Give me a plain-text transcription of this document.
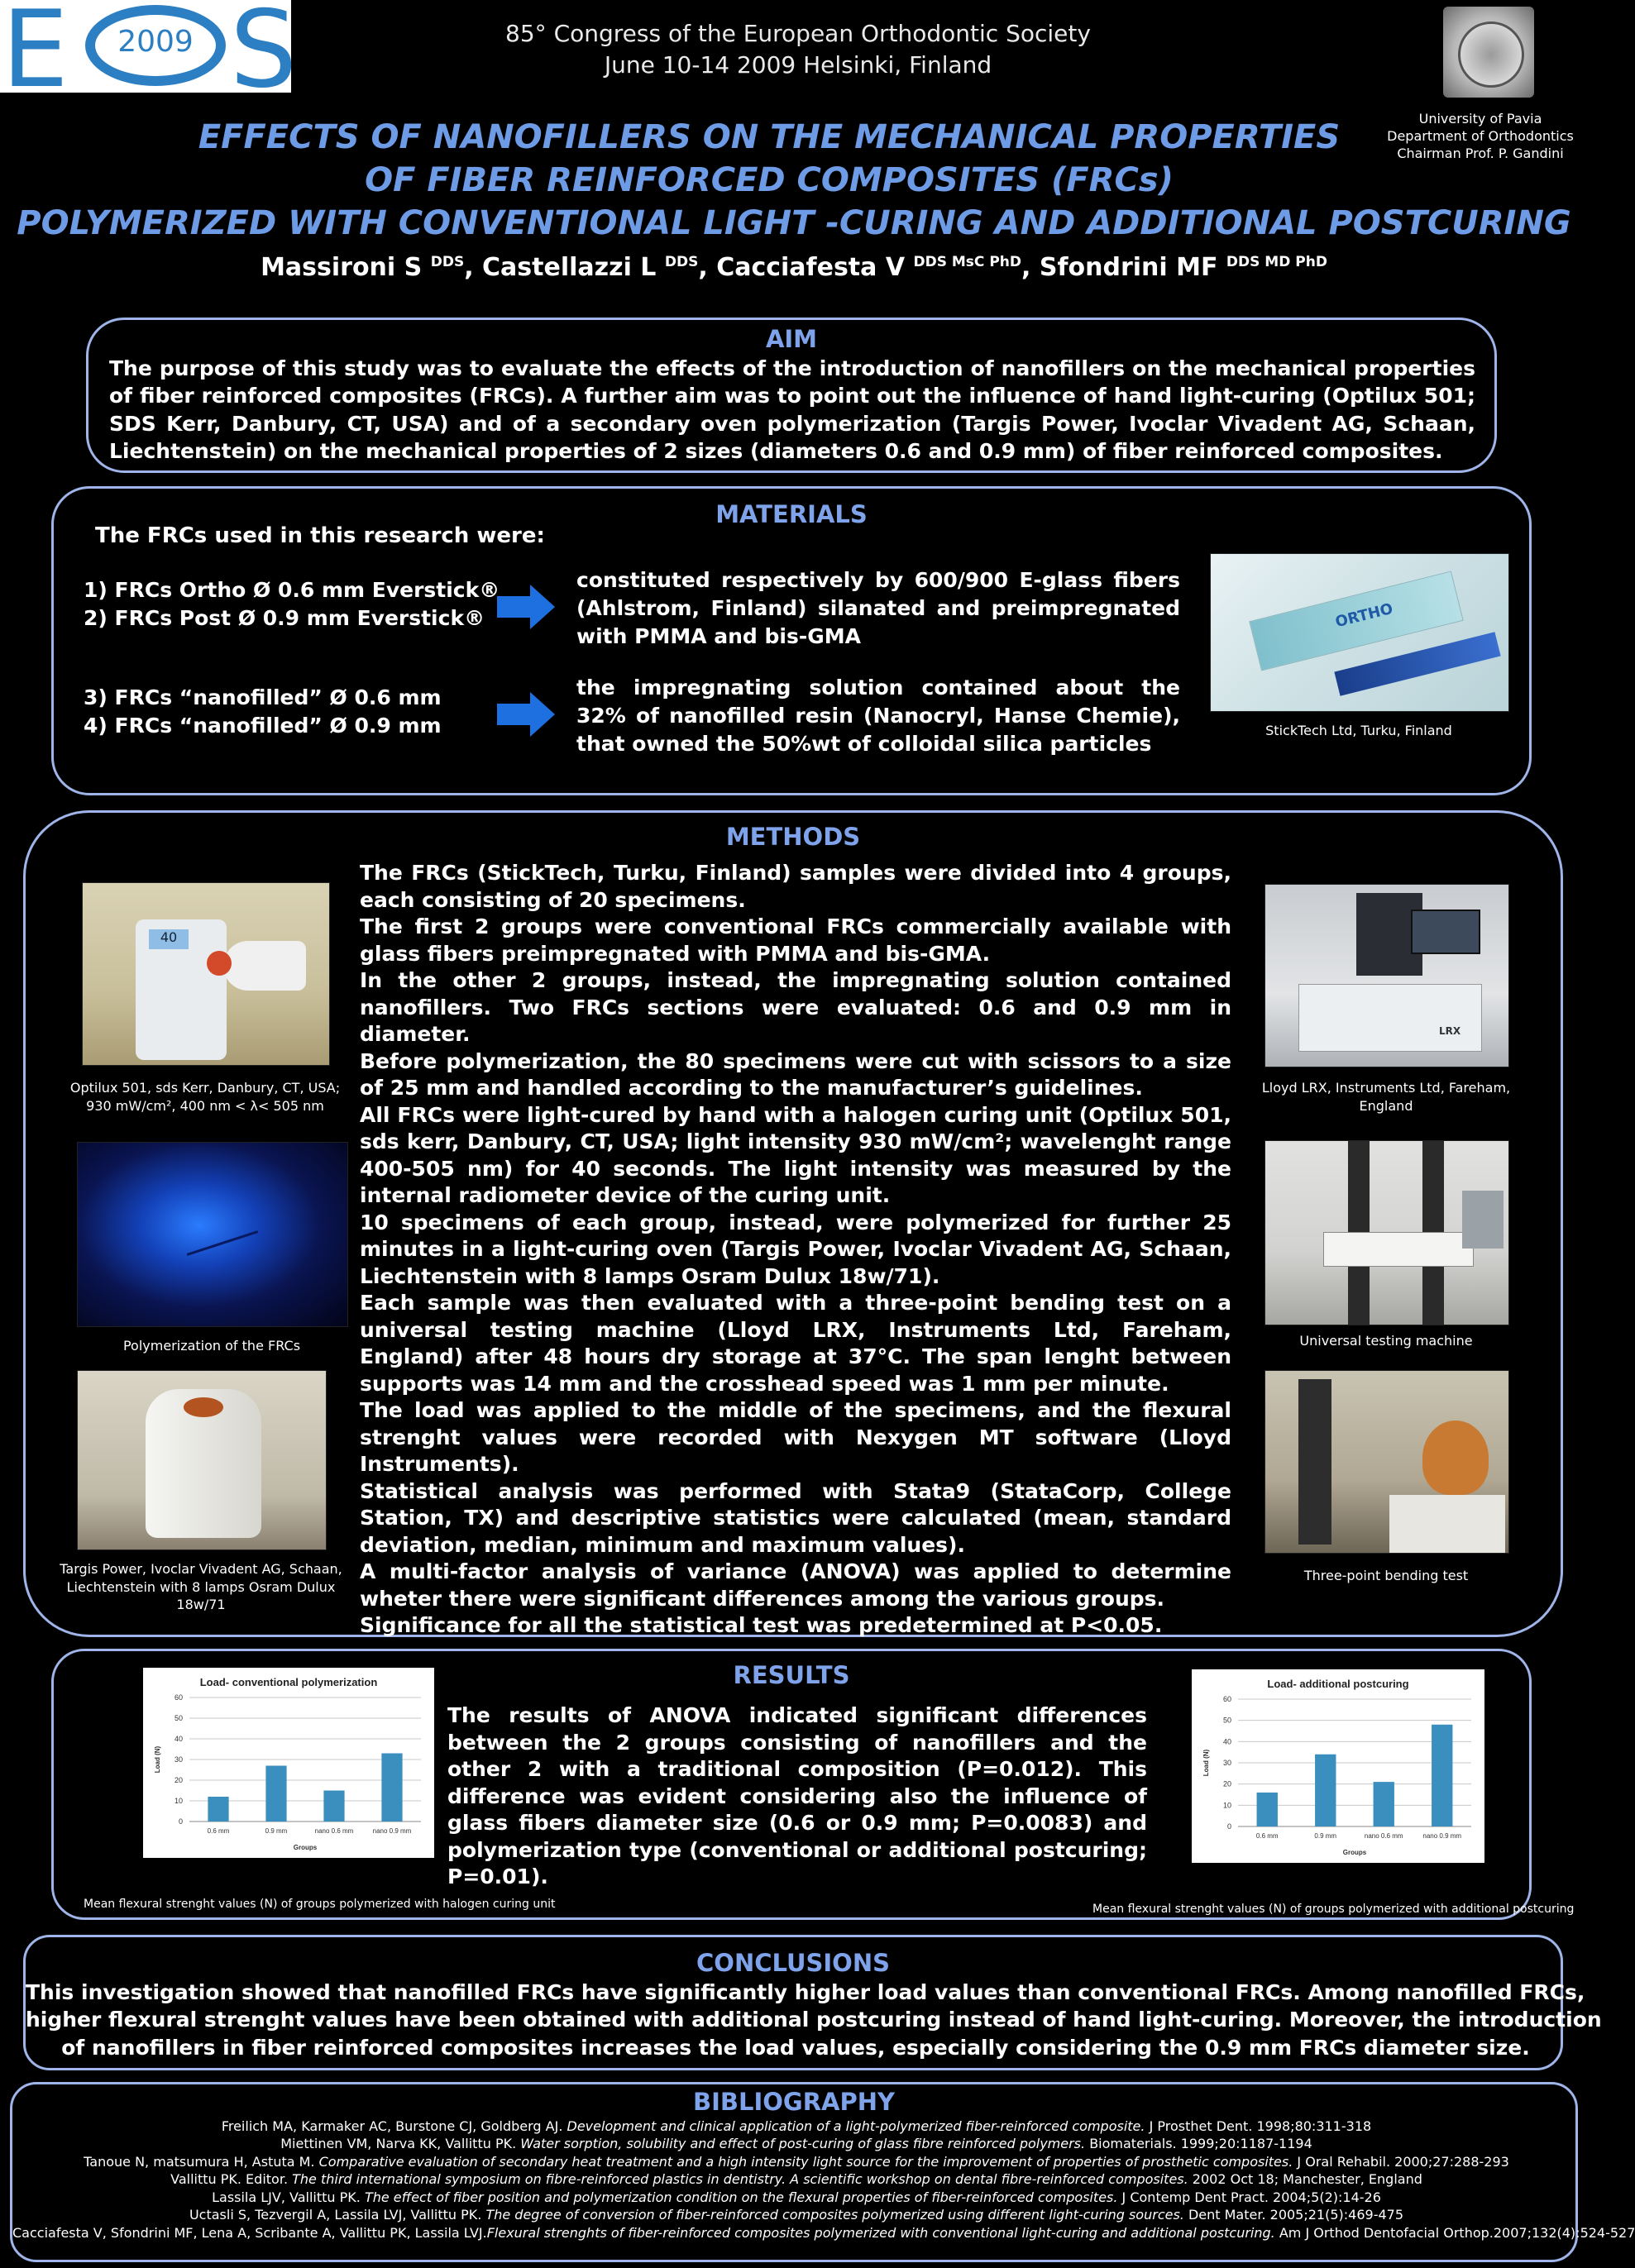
E	2009 S	85° Congress of the European Orthodontic Society
June 10-14 2009 Helsinki, Finland
University of Pavia
Department of Orthodontics
Chairman Prof. P. Gandini
EFFECTS OF NANOFILLERS ON THE MECHANICAL PROPERTIES
OF FIBER REINFORCED COMPOSITES (FRCs)
POLYMERIZED WITH CONVENTIONAL LIGHT -CURING AND ADDITIONAL POSTCURING
Massironi S $^{DDS}$, Castellazzi L $^{DDS}$, Cacciafesta V $^{DDS MsC PhD}$, Sfondrini MF $^{DDS MD PhD}$
AIM
The purpose of this study was to evaluate the effects of the introduction of nanofillers on the mechanical properties of fiber reinforced composites (FRCs). A further aim was to point out the influence of hand light-curing (Optilux 501; SDS Kerr, Danbury, CT, USA) and of a secondary oven polymerization (Targis Power, Ivoclar Vivadent AG, Schaan, Liechtenstein) on the mechanical properties of 2 sizes (diameters 0.6 and 0.9 mm) of fiber reinforced composites.
MATERIALS
The FRCs used in this research were:
1) FRCs Ortho Ø 0.6 mm Everstick®
2) FRCs Post Ø 0.9 mm Everstick®
constituted respectively by 600/900 E-glass fibers (Ahlstrom, Finland) silanated and preimpregnated with PMMA and bis-GMA
3) FRCs “nanofilled” Ø 0.6 mm
4) FRCs “nanofilled” Ø 0.9 mm
the impregnating solution contained about the 32% of nanofilled resin (Nanocryl, Hanse Chemie), that owned the 50%wt of colloidal silica particles
ORTHO
StickTech Ltd, Turku, Finland
METHODS
40
Optilux 501, sds Kerr, Danbury, CT, USA; 930 mW/cm², 400 nm < λ< 505 nm
Polymerization of the FRCs
Targis Power, Ivoclar Vivadent AG, Schaan, Liechtenstein with 8 lamps Osram Dulux 18w/71
The FRCs (StickTech, Turku, Finland) samples were divided into 4 groups, each consisting of 20 specimens.
The first 2 groups were conventional FRCs commercially available with glass fibers preimpregnated with PMMA and bis-GMA.
In the other 2 groups, instead, the impregnating solution contained nanofillers. Two FRCs sections were evaluated: 0.6 and 0.9 mm in diameter.
Before polymerization, the 80 specimens were cut with scissors to a size of 25 mm and handled according to the manufacturer’s guidelines.
All FRCs were light-cured by hand with a halogen curing unit (Optilux 501, sds kerr, Danbury, CT, USA; light intensity 930 mW/cm²; wavelenght range 400-505 nm) for 40 seconds. The light intensity was measured by the internal radiometer device of the curing unit.
10 specimens of each group, instead, were polymerized for further 25 minutes in a light-curing oven (Targis Power, Ivoclar Vivadent AG, Schaan, Liechtenstein with 8 lamps Osram Dulux 18w/71).
Each sample was then evaluated with a three-point bending test on a universal testing machine (Lloyd LRX, Instruments Ltd, Fareham, England) after 48 hours dry storage at 37°C. The span lenght between supports was 14 mm and the crosshead speed was 1 mm per minute.
The load was applied to the middle of the specimens, and the flexural strenght values were recorded with Nexygen MT software (Lloyd Instruments).
Statistical analysis was performed with Stata9 (StataCorp, College Station, TX) and descriptive statistics were calculated (mean, standard deviation, median, minimum and maximum values).
A multi-factor analysis of variance (ANOVA) was applied to determine wheter there were significant differences among the various groups.
Significance for all the statistical test was predetermined at P<0.05.
LRX
Lloyd LRX, Instruments Ltd, Fareham, England
Universal testing machine
Three-point bending test
RESULTS
Load- conventional polymerization
0
10
20
30
40
50
60
0.6 mm	0.9 mm	nano 0.6 mm	nano 0.9 mm
Groups
Load (N)
Mean flexural strenght values (N) of groups polymerized with halogen curing unit
The results of ANOVA indicated significant differences between the 2 groups consisting of nanofillers and the other 2 with a traditional composition (P=0.012). This difference was evident considering also the influence of glass fibers diameter size (0.6 or 0.9 mm; P=0.0083) and polymerization type (conventional or additional postcuring; P=0.01).
Load- additional postcuring
0
10
20
30
40
50
60
0.6 mm	0.9 mm	nano 0.6 mm	nano 0.9 mm
Groups
Load (N)
Mean flexural strenght values (N) of groups polymerized with additional postcuring
CONCLUSIONS
This investigation showed that nanofilled FRCs have significantly higher load values than conventional FRCs. Among nanofilled FRCs,
higher flexural strenght values have been obtained with additional postcuring instead of hand light-curing. Moreover, the introduction
of nanofillers in fiber reinforced composites increases the load values, especially considering the 0.9 mm FRCs diameter size.
BIBLIOGRAPHY
Freilich MA, Karmaker AC, Burstone CJ, Goldberg AJ. Development and clinical application of a light-polymerized fiber-reinforced composite. J Prosthet Dent. 1998;80:311-318
Miettinen VM, Narva KK, Vallittu PK. Water sorption, solubility and effect of post-curing of glass fibre reinforced polymers. Biomaterials. 1999;20:1187-1194
Tanoue N, matsumura H, Astuta M. Comparative evaluation of secondary heat treatment and a high intensity light source for the improvement of properties of prosthetic composites. J Oral Rehabil. 2000;27:288-293
Vallittu PK. Editor. The third international symposium on fibre-reinforced plastics in dentistry. A scientific workshop on dental fibre-reinforced composites. 2002 Oct 18; Manchester, England
Lassila LJV, Vallittu PK. The effect of fiber position and polymerization condition on the flexural properties of fiber-reinforced composites. J Contemp Dent Pract. 2004;5(2):14-26
Uctasli S, Tezvergil A, Lassila LVJ, Vallittu PK. The degree of conversion of fiber-reinforced composites polymerized using different light-curing sources. Dent Mater. 2005;21(5):469-475
Cacciafesta V, Sfondrini MF, Lena A, Scribante A, Vallittu PK, Lassila LVJ.Flexural strenghts of fiber-reinforced composites polymerized with conventional light-curing and additional postcuring. Am J Orthod Dentofacial Orthop.2007;132(4):524-527
